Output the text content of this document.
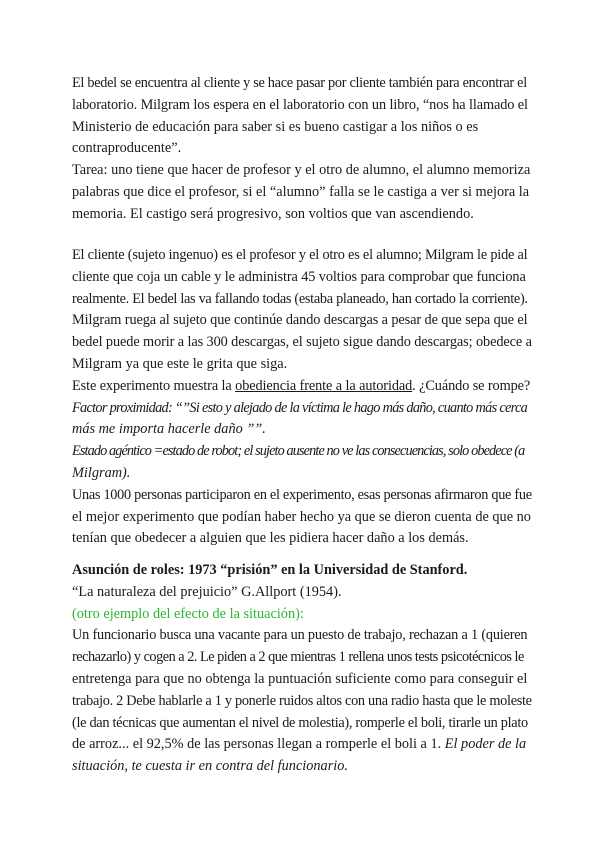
El bedel se encuentra al cliente y se hace pasar por cliente también para encontrar el
laboratorio. Milgram los espera en el laboratorio con un libro, “nos ha llamado el
Ministerio de educación para saber si es bueno castigar a los niños o es
contraproducente”.
Tarea: uno tiene que hacer de profesor y el otro de alumno, el alumno memoriza
palabras que dice el profesor, si el “alumno” falla se le castiga a ver si mejora la
memoria. El castigo será progresivo, son voltios que van ascendiendo.
El cliente (sujeto ingenuo) es el profesor y el otro es el alumno; Milgram le pide al
cliente que coja un cable y le administra 45 voltios para comprobar que funciona
realmente. El bedel las va fallando todas (estaba planeado, han cortado la corriente).
Milgram ruega al sujeto que continúe dando descargas a pesar de que sepa que el
bedel puede morir a las 300 descargas, el sujeto sigue dando descargas; obedece a
Milgram ya que este le grita que siga.
Este experimento muestra la obediencia frente a la autoridad. ¿Cuándo se rompe?
Factor proximidad: “”Si esto y alejado de la víctima le hago más daño, cuanto más cerca
más me importa hacerle daño ””.
Estado agéntico =estado de robot; el sujeto ausente no ve las consecuencias, solo obedece (a
Milgram).
Unas 1000 personas participaron en el experimento, esas personas afirmaron que fue
el mejor experimento que podían haber hecho ya que se dieron cuenta de que no
tenían que obedecer a alguien que les pidiera hacer daño a los demás.
Asunción de roles: 1973 “prisión” en la Universidad de Stanford.
“La naturaleza del prejuicio” G.Allport (1954).
(otro ejemplo del efecto de la situación):
Un funcionario busca una vacante para un puesto de trabajo, rechazan a 1 (quieren
rechazarlo) y cogen a 2. Le piden a 2 que mientras 1 rellena unos tests psicotécnicos le
entretenga para que no obtenga la puntuación suficiente como para conseguir el
trabajo. 2 Debe hablarle a 1 y ponerle ruidos altos con una radio hasta que le moleste
(le dan técnicas que aumentan el nivel de molestia), romperle el boli, tirarle un plato
de arroz... el 92,5% de las personas llegan a romperle el boli a 1. El poder de la
situación, te cuesta ir en contra del funcionario.
